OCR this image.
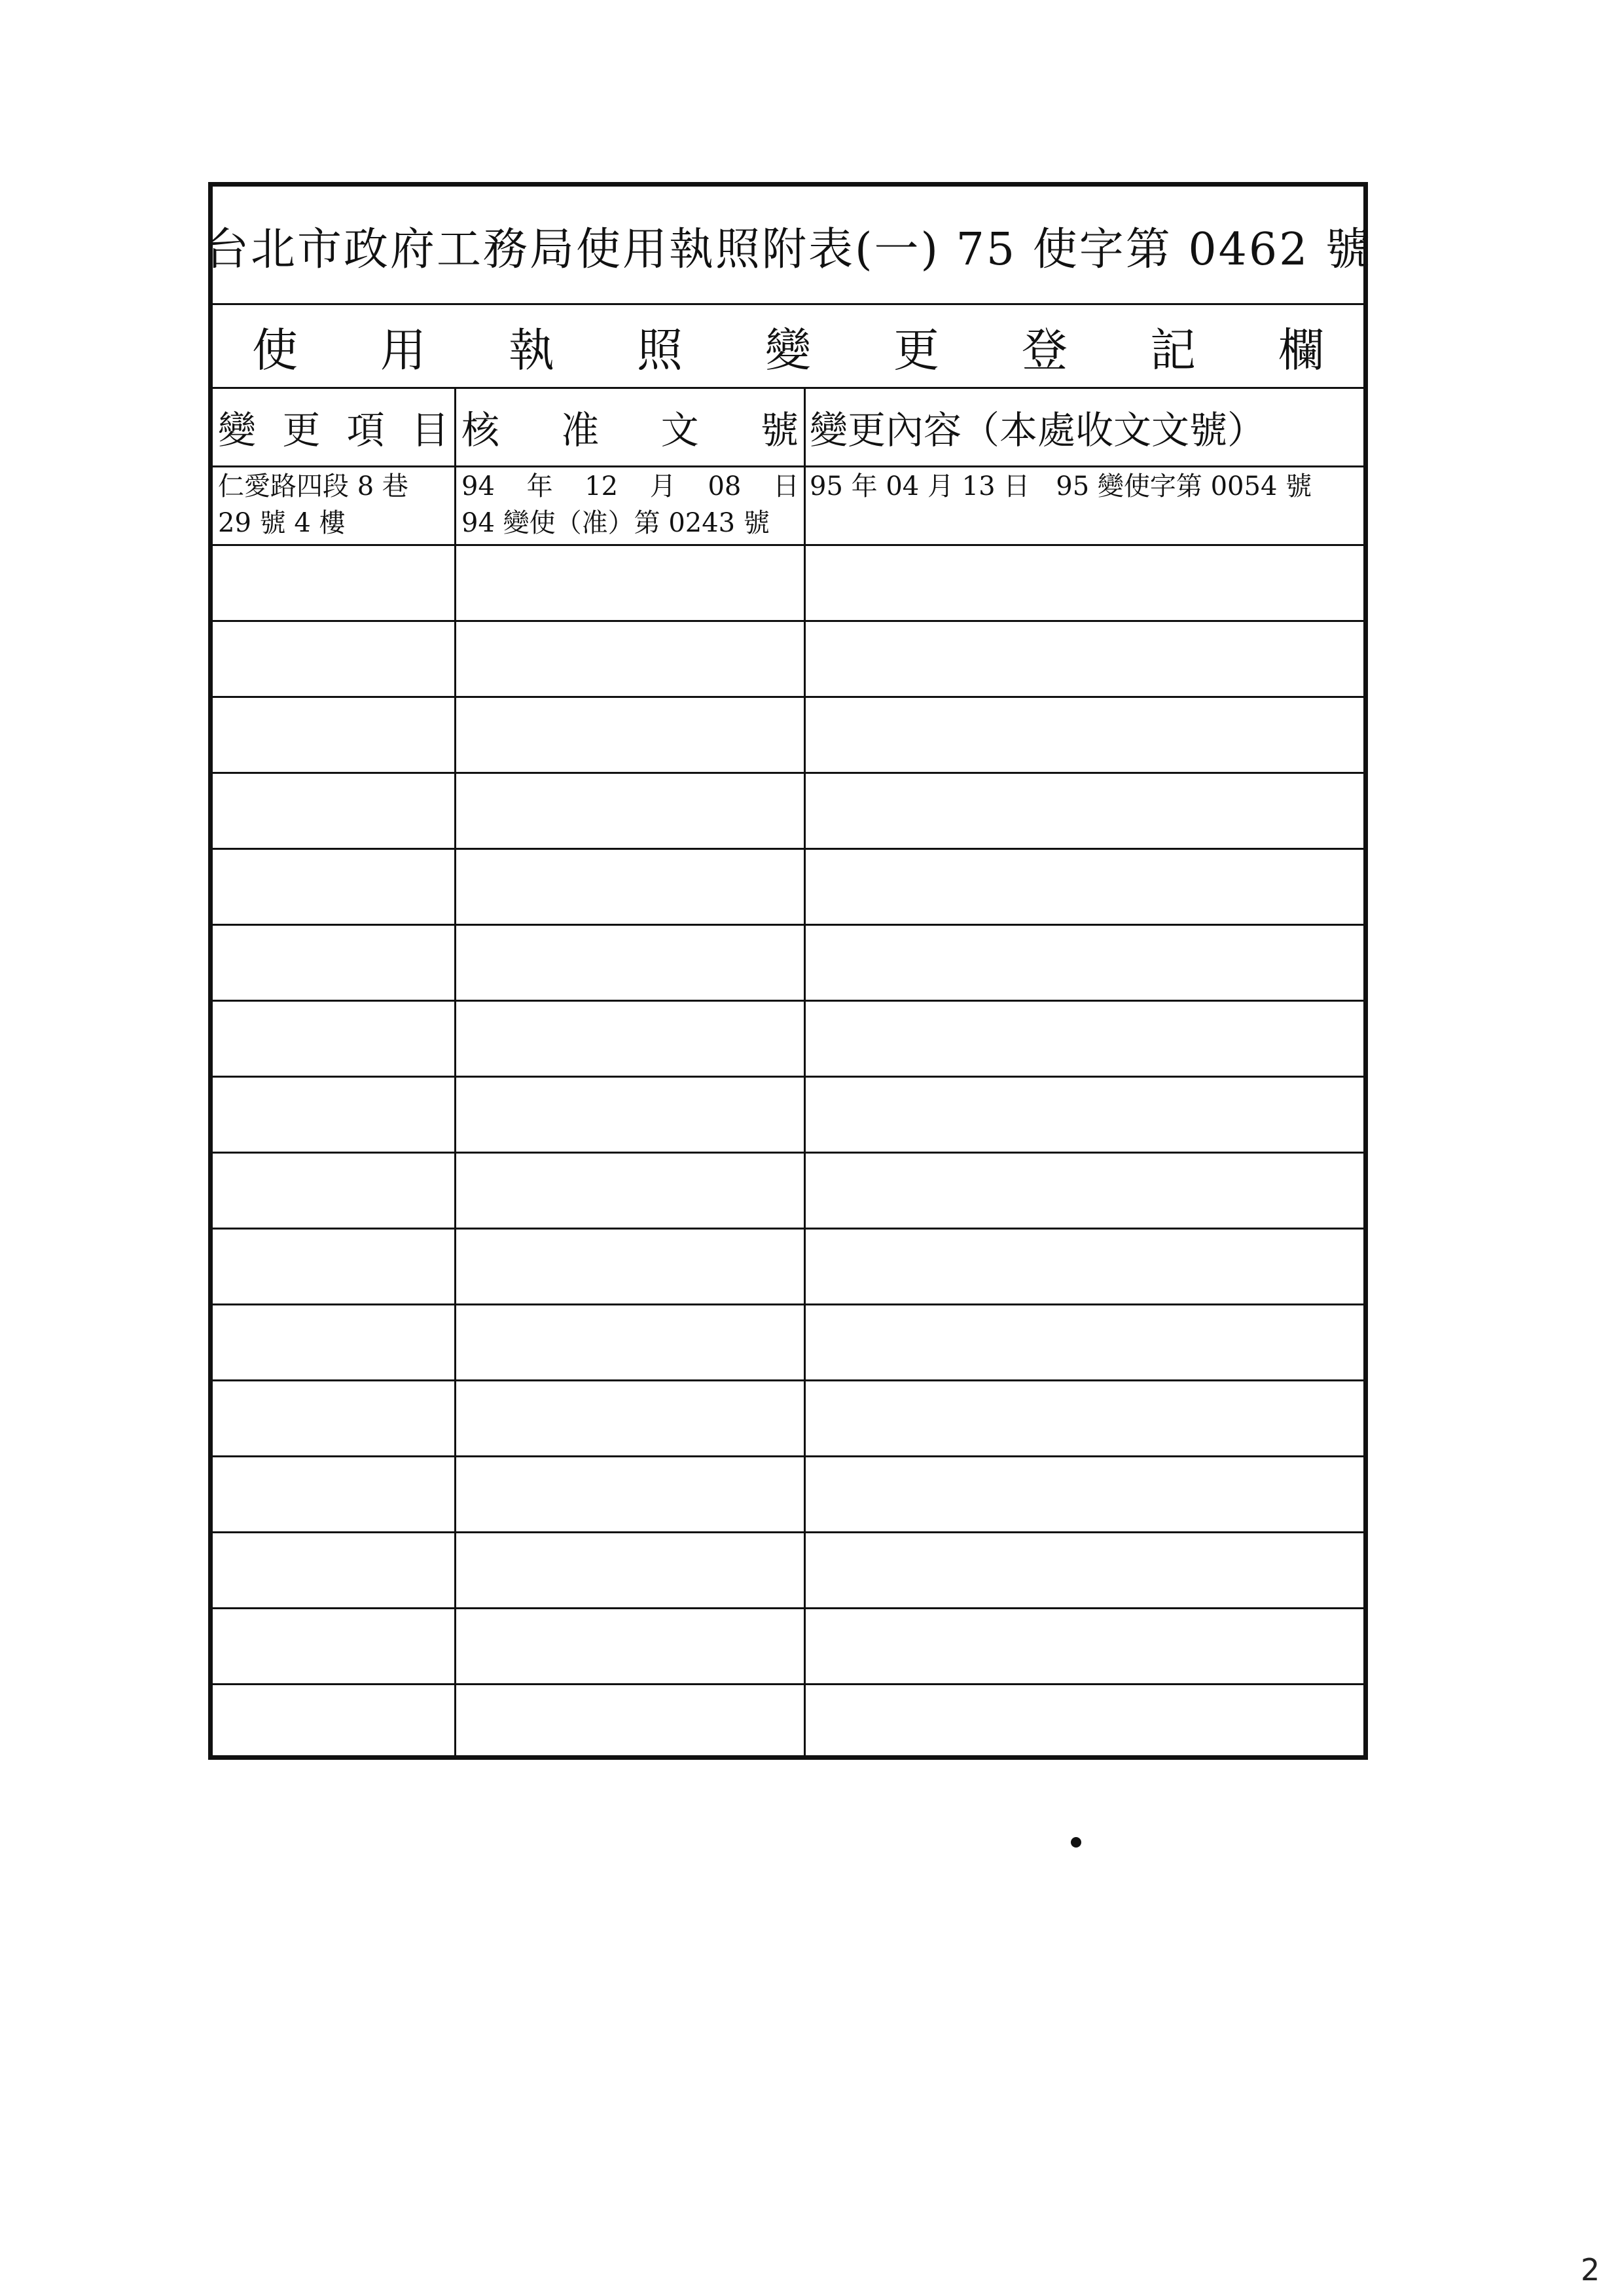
台北市政府工務局使用執照附表(一) 75 使字第 0462 號
使 用 執 照 變 更 登 記 欄
變 更 項 目 核 准 文 號 變更內容（本處收文文號）
仁愛路四段 8 巷
29 號 4 樓
94 年 12 月 08 日
94 變使（准）第 0243 號
95 年 04 月 13 日　95 變使字第 0054 號
2
